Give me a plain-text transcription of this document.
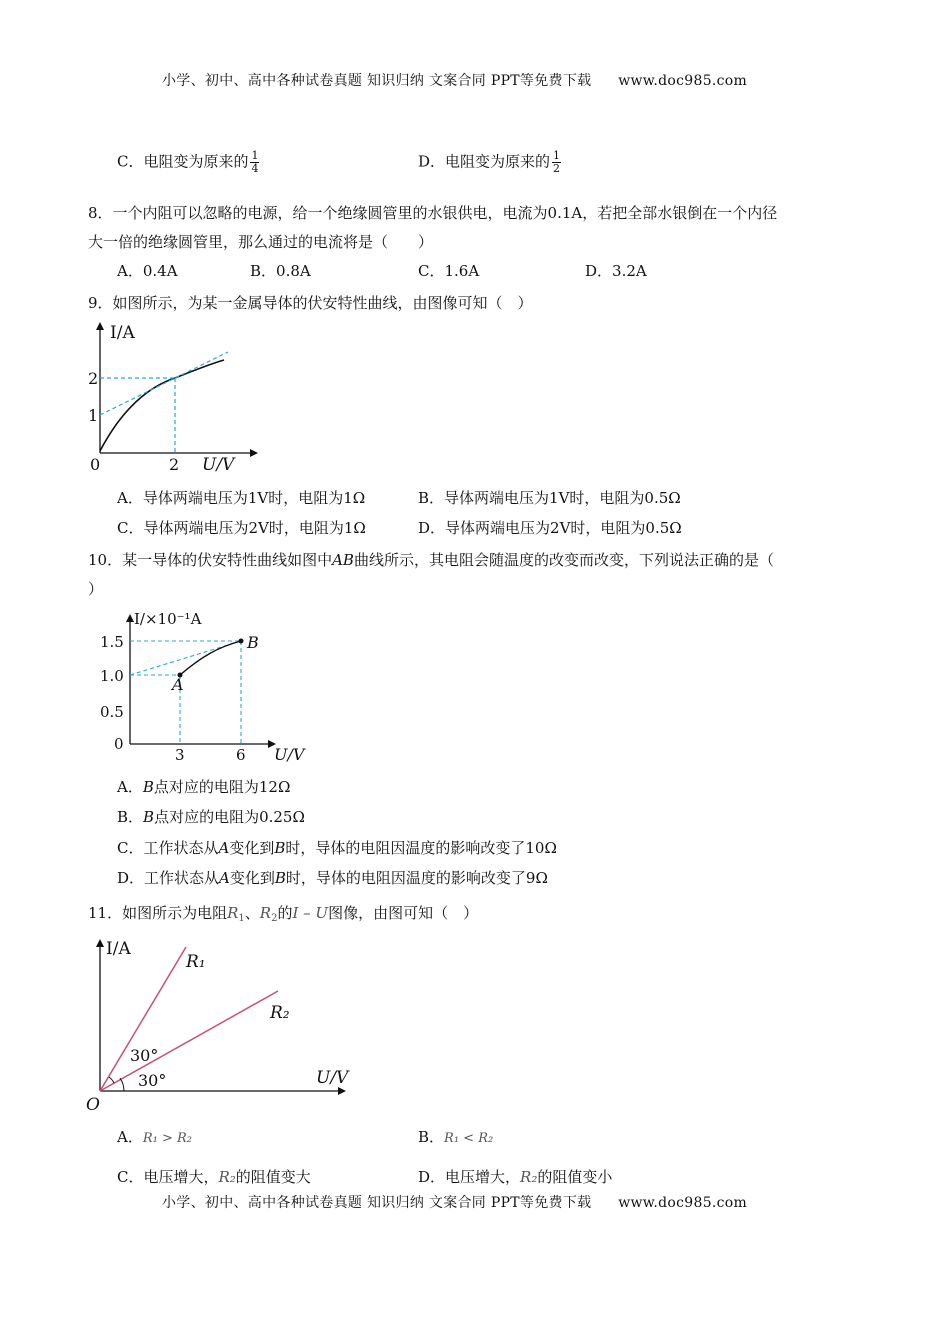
小学、初中、高中各种试卷真题 知识归纳 文案合同 PPT等免费下载 www.doc985.com
C．电阻变为原来的 $\frac{1}{4}$	D．电阻变为原来的 $\frac{1}{2}$
8．一个内阻可以忽略的电源，给一个绝缘圆管里的水银供电，电流为0.1A，若把全部水银倒在一个内径
大一倍的绝缘圆管里，那么通过的电流将是（　　）
A．0.4A	B．0.8A	C．1.6A	D．3.2A
9．如图所示，为某一金属导体的伏安特性曲线，由图像可知（　）
I/A
U/V
0
1
2
2
A．导体两端电压为1V时，电阻为1Ω	B．导体两端电压为1V时，电阻为0.5Ω
C．导体两端电压为2V时，电阻为1Ω	D．导体两端电压为2V时，电阻为0.5Ω
10．某一导体的伏安特性曲线如图中AB曲线所示，其电阻会随温度的改变而改变，下列说法正确的是（
）
A
B
I/×10⁻¹A
U/V
0
0.5
1.0
1.5
3	6
A．B点对应的电阻为12Ω
B．B点对应的电阻为0.25Ω
C．工作状态从A变化到B时，导体的电阻因温度的影响改变了10Ω
D．工作状态从A变化到B时，导体的电阻因温度的影响改变了9Ω
11．如图所示为电阻$R_1$、$R_2$的I – U图像，由图可知（　）
I/A
U/V
O
R₁
R₂
30°
30°
A．R₁ > R₂	B．R₁ < R₂
C．电压增大，R₂的阻值变大	D．电压增大，R₂的阻值变小
小学、初中、高中各种试卷真题 知识归纳 文案合同 PPT等免费下载 www.doc985.com
